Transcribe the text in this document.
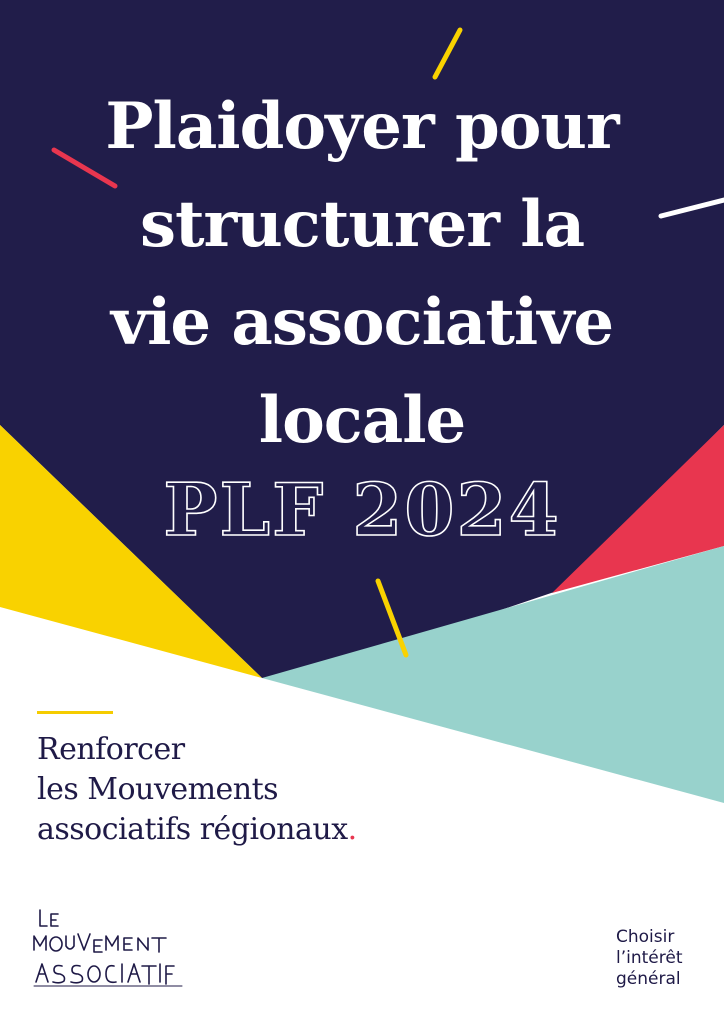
Plaidoyer pour
structurer la
vie associative
locale
PLF 2024
Renforcer
les Mouvements
associatifs régionaux.
Choisir
l’intérêt
général
